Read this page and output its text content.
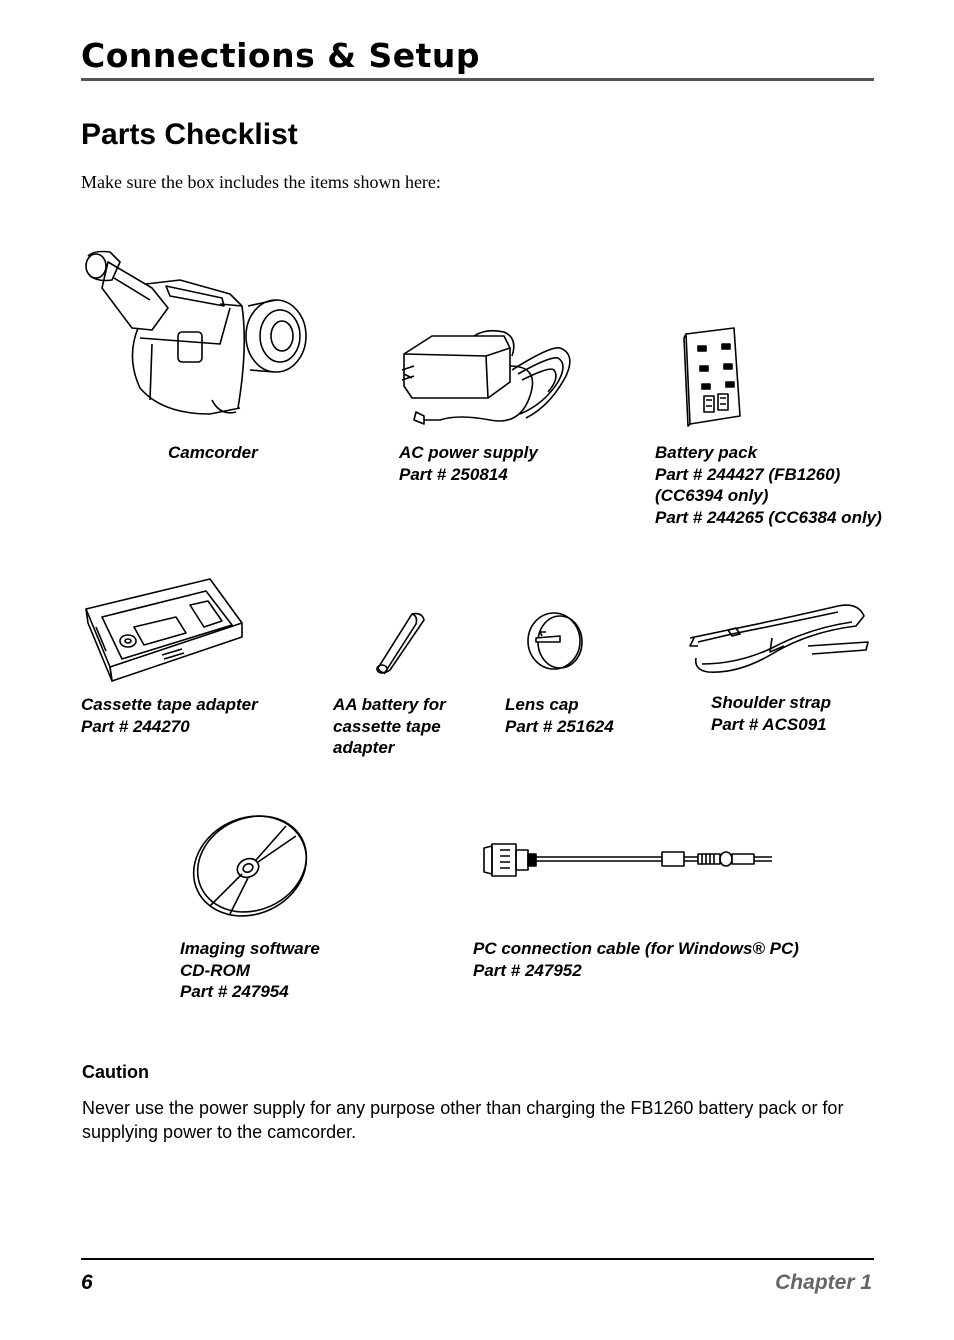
Connections & Setup
Parts Checklist
Make sure the box includes the items shown here:
Camcorder	AC power supply
Part # 250814
Battery pack
Part # 244427 (FB1260)
(CC6394 only)
Part # 244265 (CC6384 only)
Cassette tape adapter
Part # 244270
AA battery for
cassette tape
adapter
Lens cap
Part # 251624
Shoulder strap
Part # ACS091
Imaging software
CD-ROM
Part # 247954
PC connection cable (for Windows® PC)
Part # 247952
Caution
Never use the power supply for any purpose other than charging the FB1260 battery pack or for supplying power to the camcorder.
6	Chapter 1
